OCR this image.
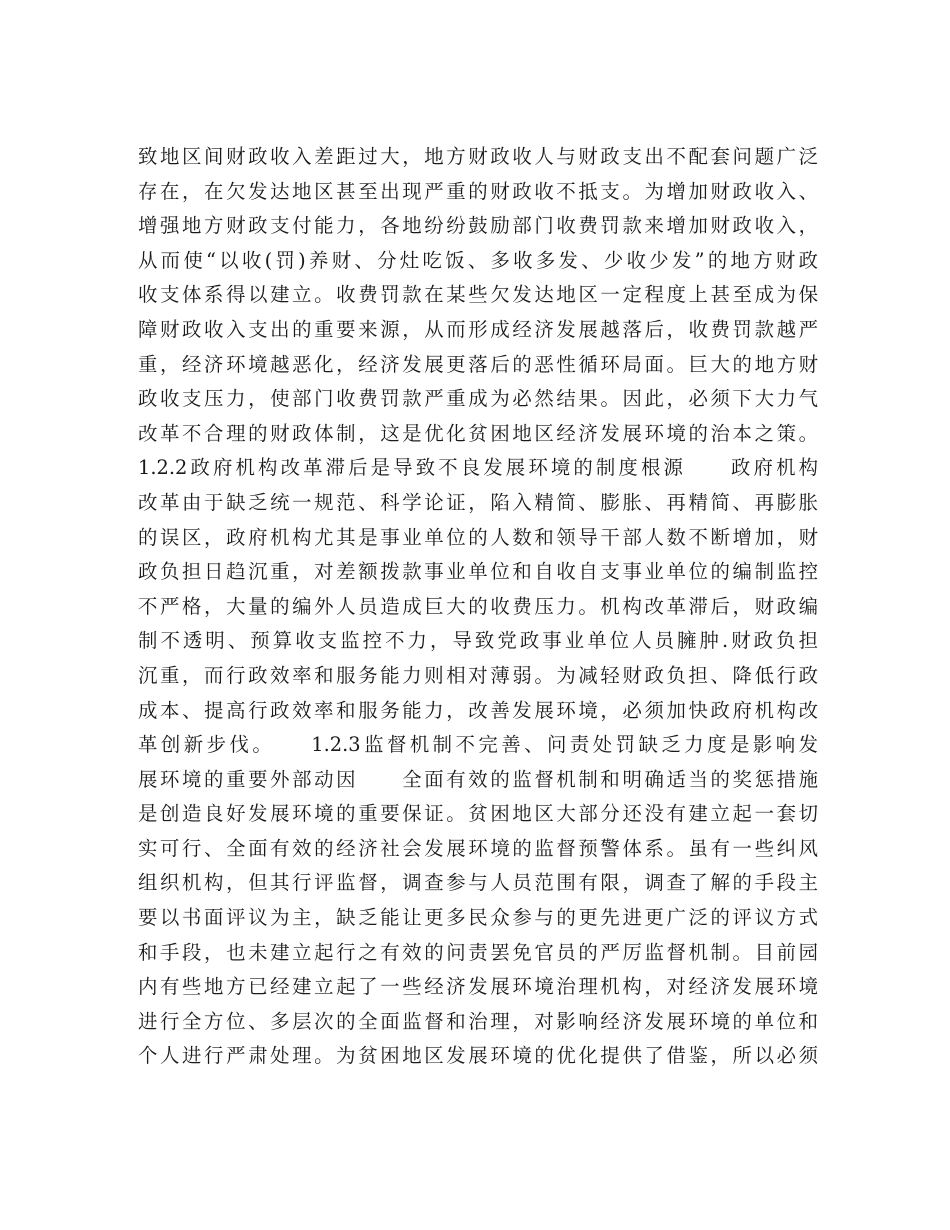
致地区间财政收入差距过大，地方财政收人与财政支出不配套问题广泛
存在，在欠发达地区甚至出现严重的财政收不抵支。为增加财政收入、
增强地方财政支付能力，各地纷纷鼓励部门收费罚款来增加财政收入，
从而使“以收(罚)养财、分灶吃饭、多收多发、少收少发”的地方财政
收支体系得以建立。收费罚款在某些欠发达地区一定程度上甚至成为保
障财政收入支出的重要来源，从而形成经济发展越落后，收费罚款越严
重，经济环境越恶化，经济发展更落后的恶性循环局面。巨大的地方财
政收支压力，使部门收费罚款严重成为必然结果。因此，必须下大力气
改革不合理的财政体制，这是优化贫困地区经济发展环境的治本之策。
1.2.2政府机构改革滞后是导致不良发展环境的制度根源　　政府机构
改革由于缺乏统一规范、科学论证，陷入精简、膨胀、再精简、再膨胀
的误区，政府机构尤其是事业单位的人数和领导干部人数不断增加，财
政负担日趋沉重，对差额拨款事业单位和自收自支事业单位的编制监控
不严格，大量的编外人员造成巨大的收费压力。机构改革滞后，财政编
制不透明、预算收支监控不力，导致党政事业单位人员臃肿.财政负担
沉重，而行政效率和服务能力则相对薄弱。为减轻财政负担、降低行政
成本、提高行政效率和服务能力，改善发展环境，必须加快政府机构改
革创新步伐。　　1.2.3监督机制不完善、问责处罚缺乏力度是影响发
展环境的重要外部动因　　全面有效的监督机制和明确适当的奖惩措施
是创造良好发展环境的重要保证。贫困地区大部分还没有建立起一套切
实可行、全面有效的经济社会发展环境的监督预警体系。虽有一些纠风
组织机构，但其行评监督，调查参与人员范围有限，调查了解的手段主
要以书面评议为主，缺乏能让更多民众参与的更先进更广泛的评议方式
和手段，也未建立起行之有效的问责罢免官员的严厉监督机制。目前园
内有些地方已经建立起了一些经济发展环境治理机构，对经济发展环境
进行全方位、多层次的全面监督和治理，对影响经济发展环境的单位和
个人进行严肃处理。为贫困地区发展环境的优化提供了借鉴，所以必须
